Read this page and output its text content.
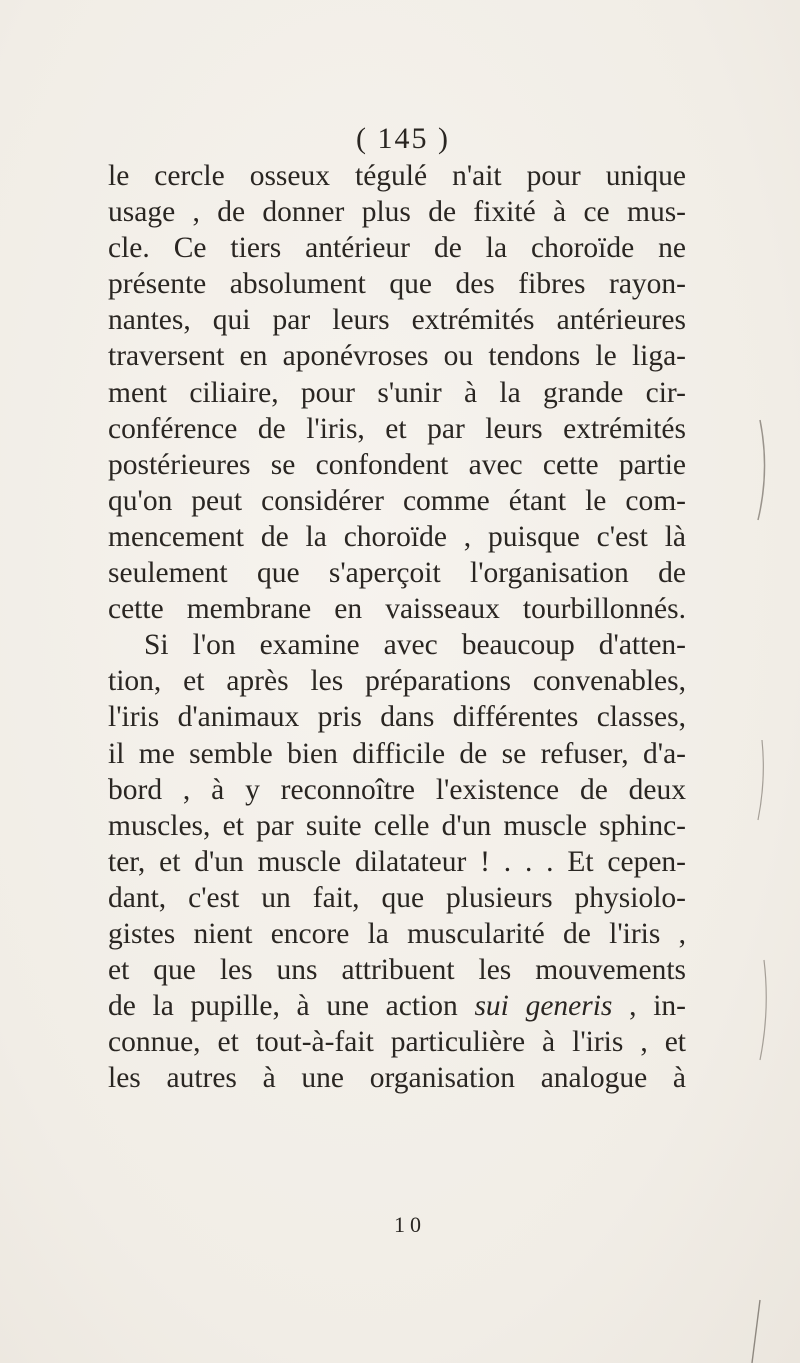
( 145 )

le cercle osseux tégulé n'ait pour unique

usage , de donner plus de fixité à ce mus-

cle. Ce tiers antérieur de la choroïde ne

présente absolument que des fibres rayon-

nantes, qui par leurs extrémités antérieures

traversent en aponévroses ou tendons le liga-

ment ciliaire, pour s'unir à la grande cir-

conférence de l'iris, et par leurs extrémités

postérieures se confondent avec cette partie

qu'on peut considérer comme étant le com-

mencement de la choroïde , puisque c'est là

seulement que s'aperçoit l'organisation de

cette membrane en vaisseaux tourbillonnés.

Si l'on examine avec beaucoup d'atten-

tion, et après les préparations convenables,

l'iris d'animaux pris dans différentes classes,

il me semble bien difficile de se refuser, d'a-

bord , à y reconnoître l'existence de deux

muscles, et par suite celle d'un muscle sphinc-

ter, et d'un muscle dilatateur ! . . . Et cepen-

dant, c'est un fait, que plusieurs physiolo-

gistes nient encore la muscularité de l'iris ,

et que les uns attribuent les mouvements

de la pupille, à une action sui generis , in-

connue, et tout-à-fait particulière à l'iris , et

les autres à une organisation analogue à

10
